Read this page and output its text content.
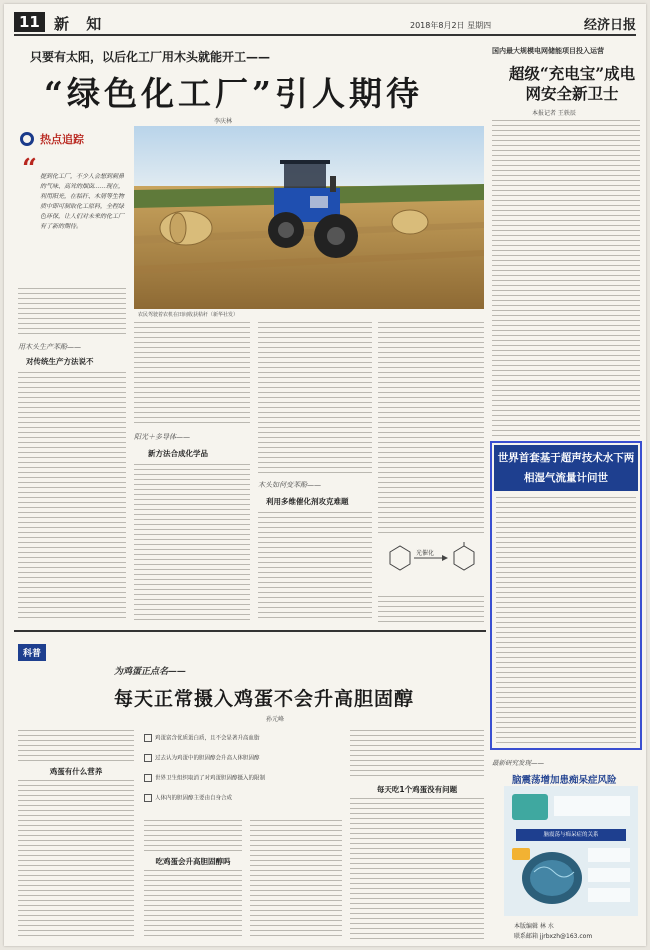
11 新 知	2018年8月2日 星期四	经济日报
只要有太阳，以后化工厂用木头就能开工——
“绿色化工厂”引人期待
李庆林
国内最大规模电网储能项目投入运营
超级“充电宝”成电网安全新卫士
本报记者 王轶辰
农民驾驶着农机在田间收获秸秆（新华社发）
热点追踪
“ 提到化工厂，不少人会想到刺鼻的气味、高耸的烟囱……现在，利用阳光，在秸秆、木屑等生物质中即可制取化工原料，全程绿色环保，让人们对未来的化工厂有了新的期待。
用木头生产苯酚——
对传统生产方法说不
阳光＋多导体——
新方法合成化学品
木头如何变苯酚——
利用多维催化剂攻克难题
光催化
世界首套基于超声技术水下两相湿气流量计问世
科普
为鸡蛋正点名——
每天正常摄入鸡蛋不会升高胆固醇
孙元峰
鸡蛋有什么营养
鸡蛋富含优质蛋白质，且不会显著升高血脂
过去认为鸡蛋中的胆固醇会升高人体胆固醇
世界卫生组织取消了对鸡蛋胆固醇摄入的限制
人体内的胆固醇主要由自身合成
吃鸡蛋会升高胆固醇吗
每天吃1个鸡蛋没有问题
最新研究发现——
脑震荡增加患痴呆症风险
脑震荡与痴呆症的关系
本版编辑 林 水
联系邮箱 jjrbxzh@163.com
